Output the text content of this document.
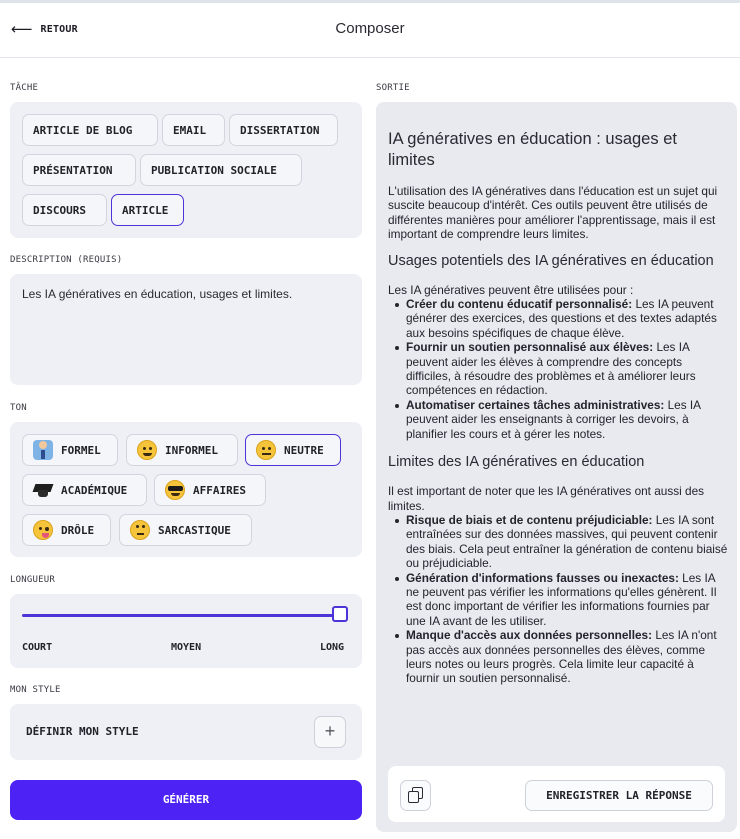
⟵ RETOUR	Composer
TÂCHE
ARTICLE DE BLOG	EMAIL	DISSERTATION
PRÉSENTATION	PUBLICATION SOCIALE
DISCOURS	ARTICLE
DESCRIPTION (REQUIS)
Les IA génératives en éducation, usages et limites.
TON
FORMEL	INFORMEL	NEUTRE
ACADÉMIQUE	AFFAIRES
DRÔLE	SARCASTIQUE
LONGUEUR
COURT	MOYEN	LONG
MON STYLE
DÉFINIR MON STYLE	+
GÉNÉRER
SORTIE
IA génératives en éducation : usages et limites
L'utilisation des IA génératives dans l'éducation est un sujet qui suscite beaucoup d'intérêt. Ces outils peuvent être utilisés de différentes manières pour améliorer l'apprentissage, mais il est important de comprendre leurs limites.
Usages potentiels des IA génératives en éducation
Les IA génératives peuvent être utilisées pour :
Créer du contenu éducatif personnalisé: Les IA peuvent générer des exercices, des questions et des textes adaptés aux besoins spécifiques de chaque élève.
Fournir un soutien personnalisé aux élèves: Les IA peuvent aider les élèves à comprendre des concepts difficiles, à résoudre des problèmes et à améliorer leurs compétences en rédaction.
Automatiser certaines tâches administratives: Les IA peuvent aider les enseignants à corriger les devoirs, à planifier les cours et à gérer les notes.
Limites des IA génératives en éducation
Il est important de noter que les IA génératives ont aussi des limites.
Risque de biais et de contenu préjudiciable: Les IA sont entraînées sur des données massives, qui peuvent contenir des biais. Cela peut entraîner la génération de contenu biaisé ou préjudiciable.
Génération d'informations fausses ou inexactes: Les IA ne peuvent pas vérifier les informations qu'elles génèrent. Il est donc important de vérifier les informations fournies par une IA avant de les utiliser.
Manque d'accès aux données personnelles: Les IA n'ont pas accès aux données personnelles des élèves, comme leurs notes ou leurs progrès. Cela limite leur capacité à fournir un soutien personnalisé.
ENREGISTRER LA RÉPONSE
